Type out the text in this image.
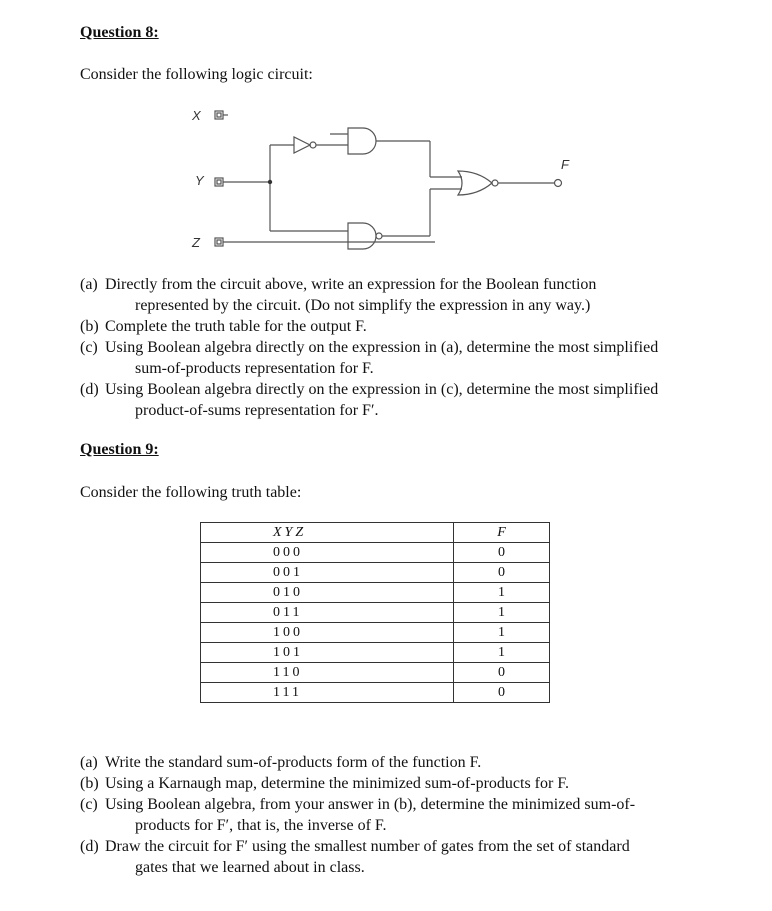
Question 8:
Consider the following logic circuit:
X
Y
Z
F
(a) Directly from the circuit above, write an expression for the Boolean function
represented by the circuit. (Do not simplify the expression in any way.)
(b) Complete the truth table for the output F.
(c) Using Boolean algebra directly on the expression in (a), determine the most simplified
sum-of-products representation for F.
(d) Using Boolean algebra directly on the expression in (c), determine the most simplified
product-of-sums representation for F′.
Question 9:
Consider the following truth table:
XYZ	F
000	0
001	0
010	1
011	1
100	1
101	1
110	0
111	0
(a) Write the standard sum-of-products form of the function F.
(b) Using a Karnaugh map, determine the minimized sum-of-products for F.
(c) Using Boolean algebra, from your answer in (b), determine the minimized sum-of-
products for F′, that is, the inverse of F.
(d) Draw the circuit for F′ using the smallest number of gates from the set of standard
gates that we learned about in class.
